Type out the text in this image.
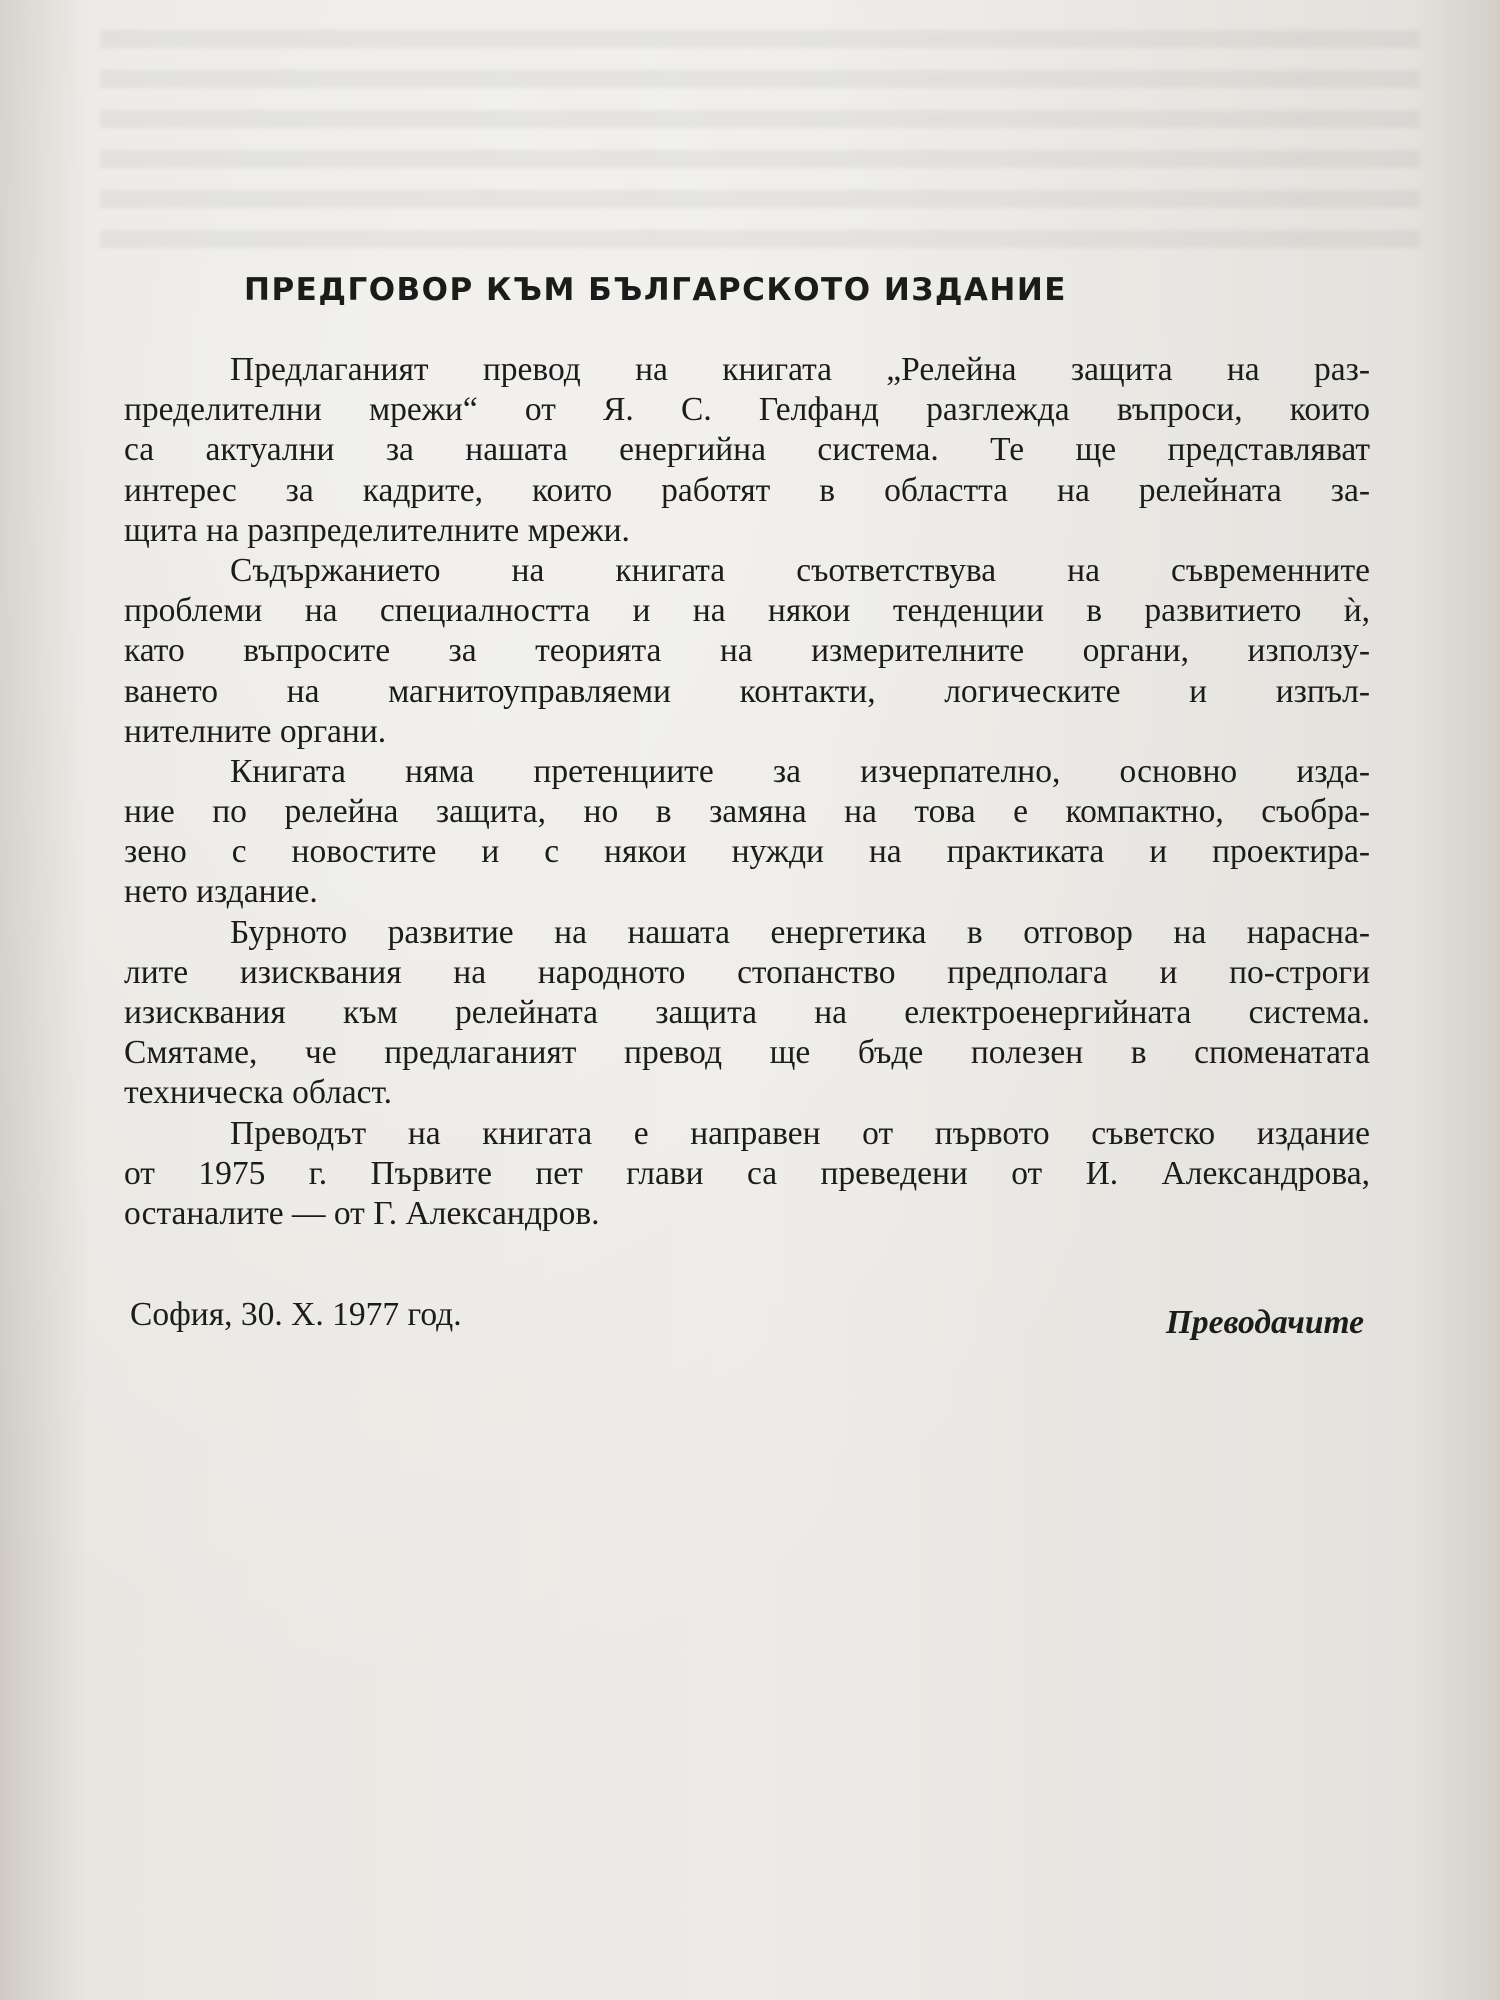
ПРЕДГОВОР КЪМ БЪЛГАРСКОТО ИЗДАНИЕ
Предлаганият превод на книгата „Релейна защита на раз-
пределителни мрежи“ от Я. С. Гелфанд разглежда въпроси, които
са актуални за нашата енергийна система. Те ще представляват
интерес за кадрите, които работят в областта на релейната за-
щита на разпределителните мрежи.
Съдържанието на книгата съответствува на съвременните
проблеми на специалността и на някои тенденции в развитието ѝ,
като въпросите за теорията на измерителните органи, използу-
ването на магнитоуправляеми контакти, логическите и изпъл-
нителните органи.
Книгата няма претенциите за изчерпателно, основно изда-
ние по релейна защита, но в замяна на това е компактно, съобра-
зено с новостите и с някои нужди на практиката и проектира-
нето издание.
Бурното развитие на нашата енергетика в отговор на нарасна-
лите изисквания на народното стопанство предполага и по-строги
изисквания към релейната защита на електроенергийната система.
Смятаме, че предлаганият превод ще бъде полезен в споменатата
техническа област.
Преводът на книгата е направен от първото съветско издание
от 1975 г. Първите пет глави са преведени от И. Александрова,
останалите — от Г. Александров.
София, 30. X. 1977 год.	Преводачите
